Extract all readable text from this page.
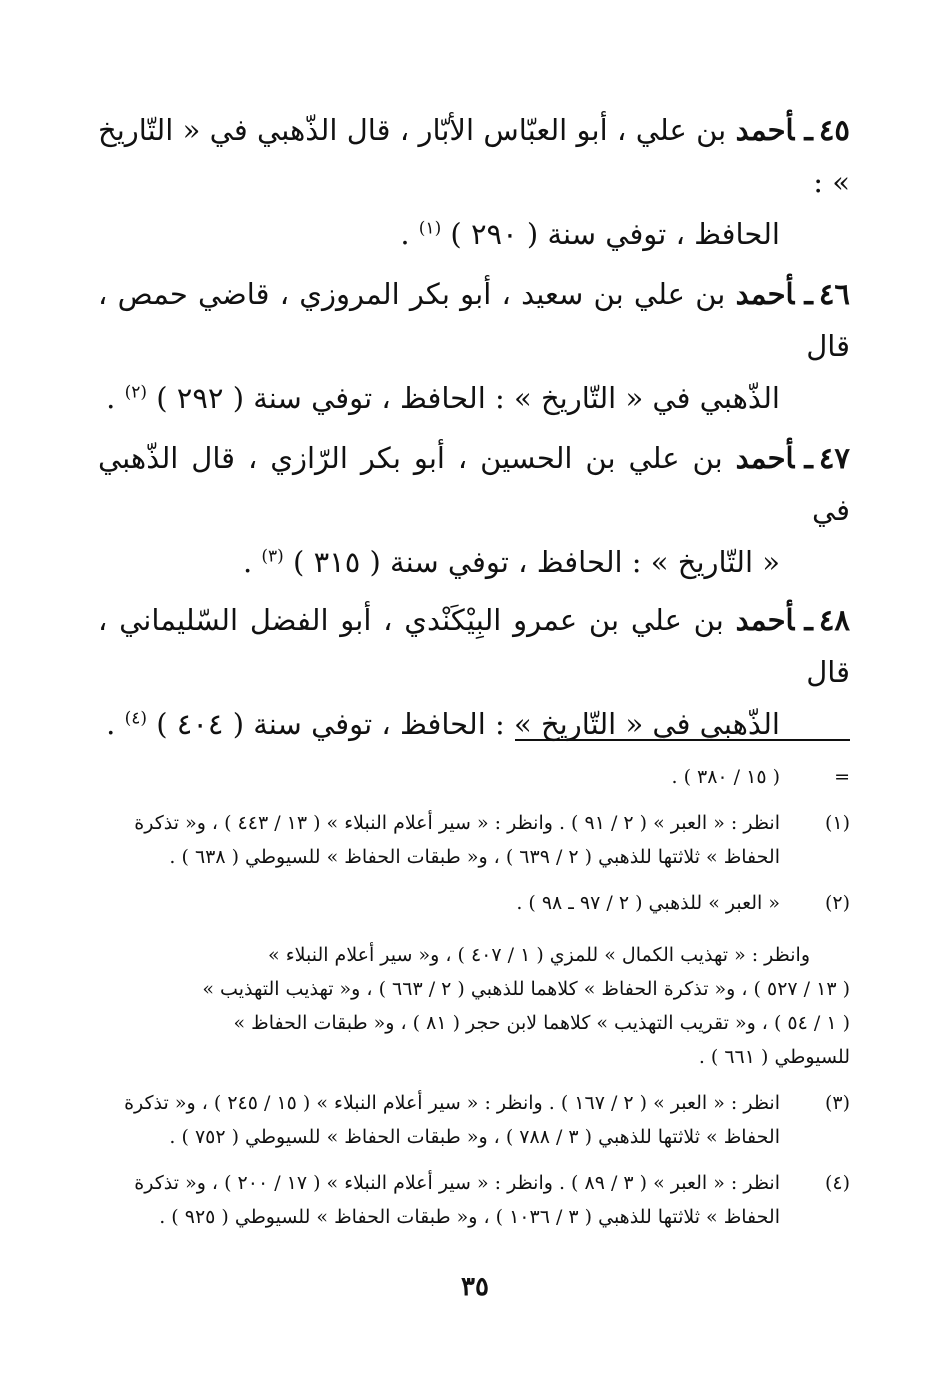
٤٥ـأحمد بن علي ، أبو العبّاس الأبّار ، قال الذّهبي في « التّاريخ » :

الحافظ ، توفي سنة ( ٢٩٠ ) $^{(١)}$ .

٤٦ـأحمد بن علي بن سعيد ، أبو بكر المروزي ، قاضي حمص ، قال

الذّهبي في « التّاريخ » : الحافظ ، توفي سنة ( ٢٩٢ ) $^{(٢)}$ .

٤٧ـأحمد بن علي بن الحسين ، أبو بكر الرّازي ، قال الذّهبي في

« التّاريخ » : الحافظ ، توفي سنة ( ٣١٥ ) $^{(٣)}$ .

٤٨ـأحمد بن علي بن عمرو البِيْكَنْدي ، أبو الفضل السّليماني ، قال

الذّهبي في « التّاريخ » : الحافظ ، توفي سنة ( ٤٠٤ ) $^{(٤)}$ .

=

( ١٥ / ٣٨٠ ) .

(١)

انظر : « العبر » ( ٢ / ٩١ ) . وانظر : « سير أعلام النبلاء » ( ١٣ / ٤٤٣ ) ، و« تذكرة

الحفاظ » ثلاثتها للذهبي ( ٢ / ٦٣٩ ) ، و« طبقات الحفاظ » للسيوطي ( ٦٣٨ ) .

(٢)

« العبر » للذهبي ( ٢ / ٩٧ ـ ٩٨ ) .

وانظر : « تهذيب الكمال » للمزي ( ١ / ٤٠٧ ) ، و« سير أعلام النبلاء »

( ١٣ / ٥٢٧ ) ، و« تذكرة الحفاظ » كلاهما للذهبي ( ٢ / ٦٦٣ ) ، و« تهذيب التهذيب »

( ١ / ٥٤ ) ، و« تقريب التهذيب » كلاهما لابن حجر ( ٨١ ) ، و« طبقات الحفاظ »

للسيوطي ( ٦٦١ ) .

(٣)

انظر : « العبر » ( ٢ / ١٦٧ ) . وانظر : « سير أعلام النبلاء » ( ١٥ / ٢٤٥ ) ، و« تذكرة

الحفاظ » ثلاثتها للذهبي ( ٣ / ٧٨٨ ) ، و« طبقات الحفاظ » للسيوطي ( ٧٥٢ ) .

(٤)

انظر : « العبر » ( ٣ / ٨٩ ) . وانظر : « سير أعلام النبلاء » ( ١٧ / ٢٠٠ ) ، و« تذكرة

الحفاظ » ثلاثتها للذهبي ( ٣ / ١٠٣٦ ) ، و« طبقات الحفاظ » للسيوطي ( ٩٢٥ ) .

٣٥
